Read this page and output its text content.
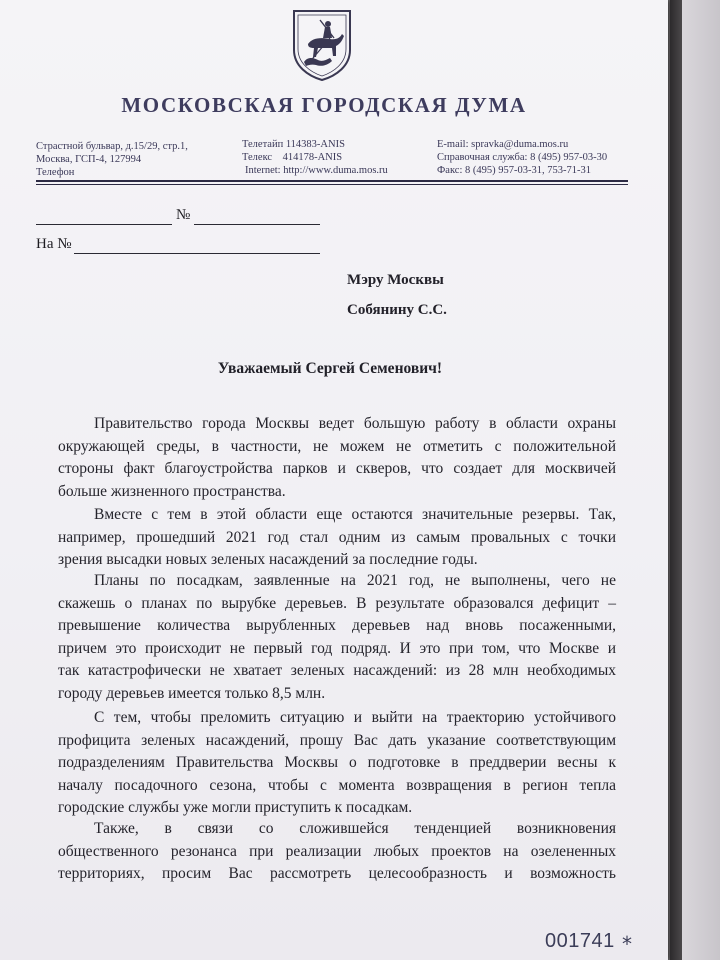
МОСКОВСКАЯ ГОРОДСКАЯ ДУМА
Страстной бульвар, д.15/29, стр.1,
Москва, ГСП-4, 127994
Телефон
Телетайп 114383-ANIS
Телекс    414178-ANIS
Internet: http://www.duma.mos.ru
E-mail: spravka@duma.mos.ru
Справочная служба: 8 (495) 957-03-30
Факс: 8 (495) 957-03-31, 753-71-31
№
На №
Мэру Москвы
Собянину С.С.
Уважаемый Сергей Семенович!
Правительство города Москвы ведет большую работу в области охраны
окружающей среды, в частности, не можем не отметить с положительной
стороны факт благоустройства парков и скверов, что создает для москвичей
больше жизненного пространства.
Вместе с тем в этой области еще остаются значительные резервы. Так,
например, прошедший 2021 год стал одним из самым провальных с точки
зрения высадки новых зеленых насаждений за последние годы.
Планы по посадкам, заявленные на 2021 год, не выполнены, чего не
скажешь о планах по вырубке деревьев. В результате образовался дефицит –
превышение количества вырубленных деревьев над вновь посаженными,
причем это происходит не первый год подряд. И это при том, что Москве и
так катастрофически не хватает зеленых насаждений: из 28 млн необходимых
городу деревьев имеется только 8,5 млн.
С тем, чтобы преломить ситуацию и выйти на траекторию устойчивого
профицита зеленых насаждений, прошу Вас дать указание соответствующим
подразделениям Правительства Москвы о подготовке в преддверии весны к
началу посадочного сезона, чтобы с момента возвращения в регион тепла
городские службы уже могли приступить к посадкам.
Также, в связи со сложившейся тенденцией возникновения
общественного резонанса при реализации любых проектов на озелененных
территориях, просим Вас рассмотреть целесообразность и возможность
001741 *
